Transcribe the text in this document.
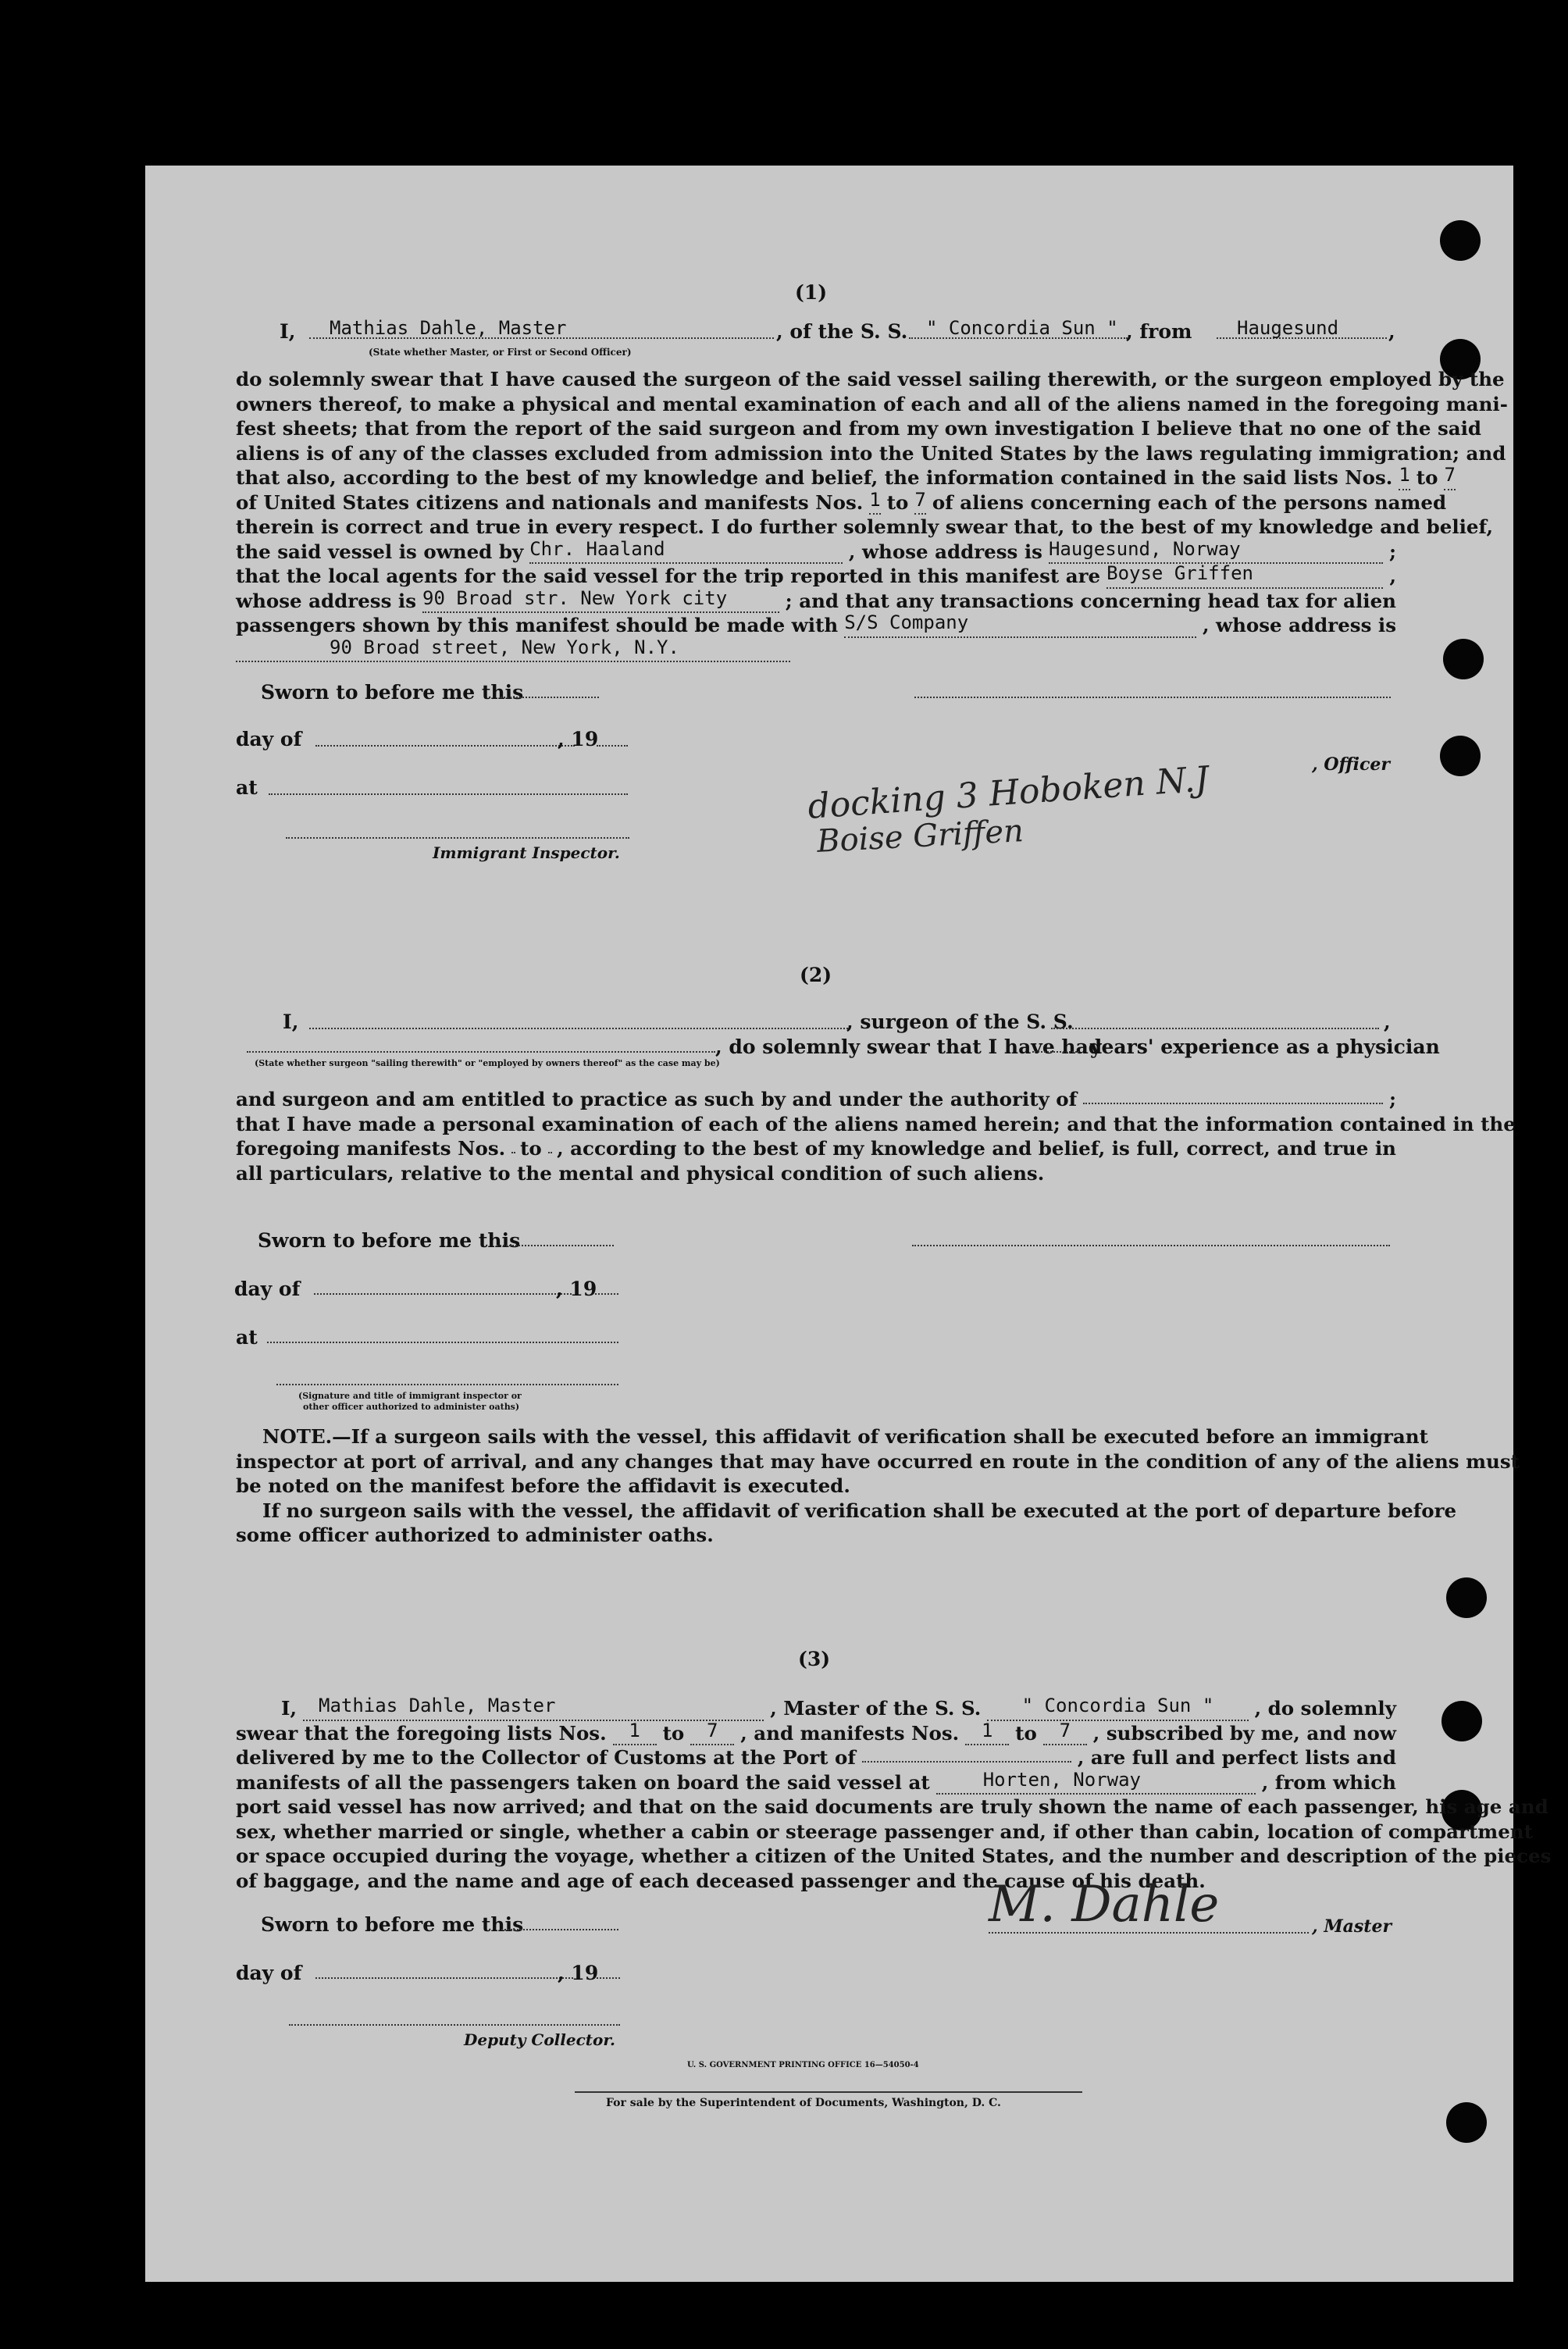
(1)
I,	Mathias Dahle, Master
(State whether Master, or First or Second Officer)
, of the S. S. " Concordia Sun " , from	Haugesund	,
do solemnly swear that I have caused the surgeon of the said vessel sailing therewith, or the surgeon employed by the
owners thereof, to make a physical and mental examination of each and all of the aliens named in the foregoing mani-
fest sheets; that from the report of the said surgeon and from my own investigation I believe that no one of the said
aliens is of any of the classes excluded from admission into the United States by the laws regulating immigration; and
that also, according to the best of my knowledge and belief, the information contained in the said lists Nos. 1 to 7
of United States citizens and nationals and manifests Nos. 1 to 7 of aliens concerning each of the persons named
therein is correct and true in every respect. I do further solemnly swear that, to the best of my knowledge and belief,
the said vessel is owned by Chr. Haaland	, whose address is Haugesund, Norway	;
that the local agents for the said vessel for the trip reported in this manifest are Boyse Griffen	,
whose address is 90 Broad str. New York city	; and that any transactions concerning head tax for alien
passengers shown by this manifest should be made with S/S Company	, whose address is
90 Broad street, New York, N.Y.
Sworn to before me this
day of	, 19
at
, Officer
Immigrant Inspector.
docking 3 Hoboken N.J
Boise Griffen
(2)
I,	, surgeon of the S. S.	,
, do solemnly swear that I have had
years' experience as a physician
(State whether surgeon "sailing therewith" or "employed by owners thereof" as the case may be)
and surgeon and am entitled to practice as such by and under the authority of	;
that I have made a personal examination of each of the aliens named herein; and that the information contained in the
foregoing manifests Nos. to , according to the best of my knowledge and belief, is full, correct, and true in
all particulars, relative to the mental and physical condition of such aliens.
Sworn to before me this
day of	, 19
at
(Signature and title of immigrant inspector or
other officer authorized to administer oaths)
NOTE.—If a surgeon sails with the vessel, this affidavit of verification shall be executed before an immigrant
inspector at port of arrival, and any changes that may have occurred en route in the condition of any of the aliens must
be noted on the manifest before the affidavit is executed.
If no surgeon sails with the vessel, the affidavit of verification shall be executed at the port of departure before
some officer authorized to administer oaths.
(3)
I,	Mathias Dahle, Master	, Master of the S. S.	" Concordia Sun "	, do solemnly
swear that the foregoing lists Nos.	1	to	7	, and manifests Nos.	1	to	7	, subscribed by me, and now
delivered by me to the Collector of Customs at the Port of	, are full and perfect lists and
manifests of all the passengers taken on board the said vessel at	Horten, Norway	, from which
port said vessel has now arrived; and that on the said documents are truly shown the name of each passenger, his age and
sex, whether married or single, whether a cabin or steerage passenger and, if other than cabin, location of compartment
or space occupied during the voyage, whether a citizen of the United States, and the number and description of the pieces
of baggage, and the name and age of each deceased passenger and the cause of his death.
Sworn to before me this
day of	, 19
M. Dahle	, Master
Deputy Collector.
U. S. GOVERNMENT PRINTING OFFICE 16—54050-4
For sale by the Superintendent of Documents, Washington, D. C.
